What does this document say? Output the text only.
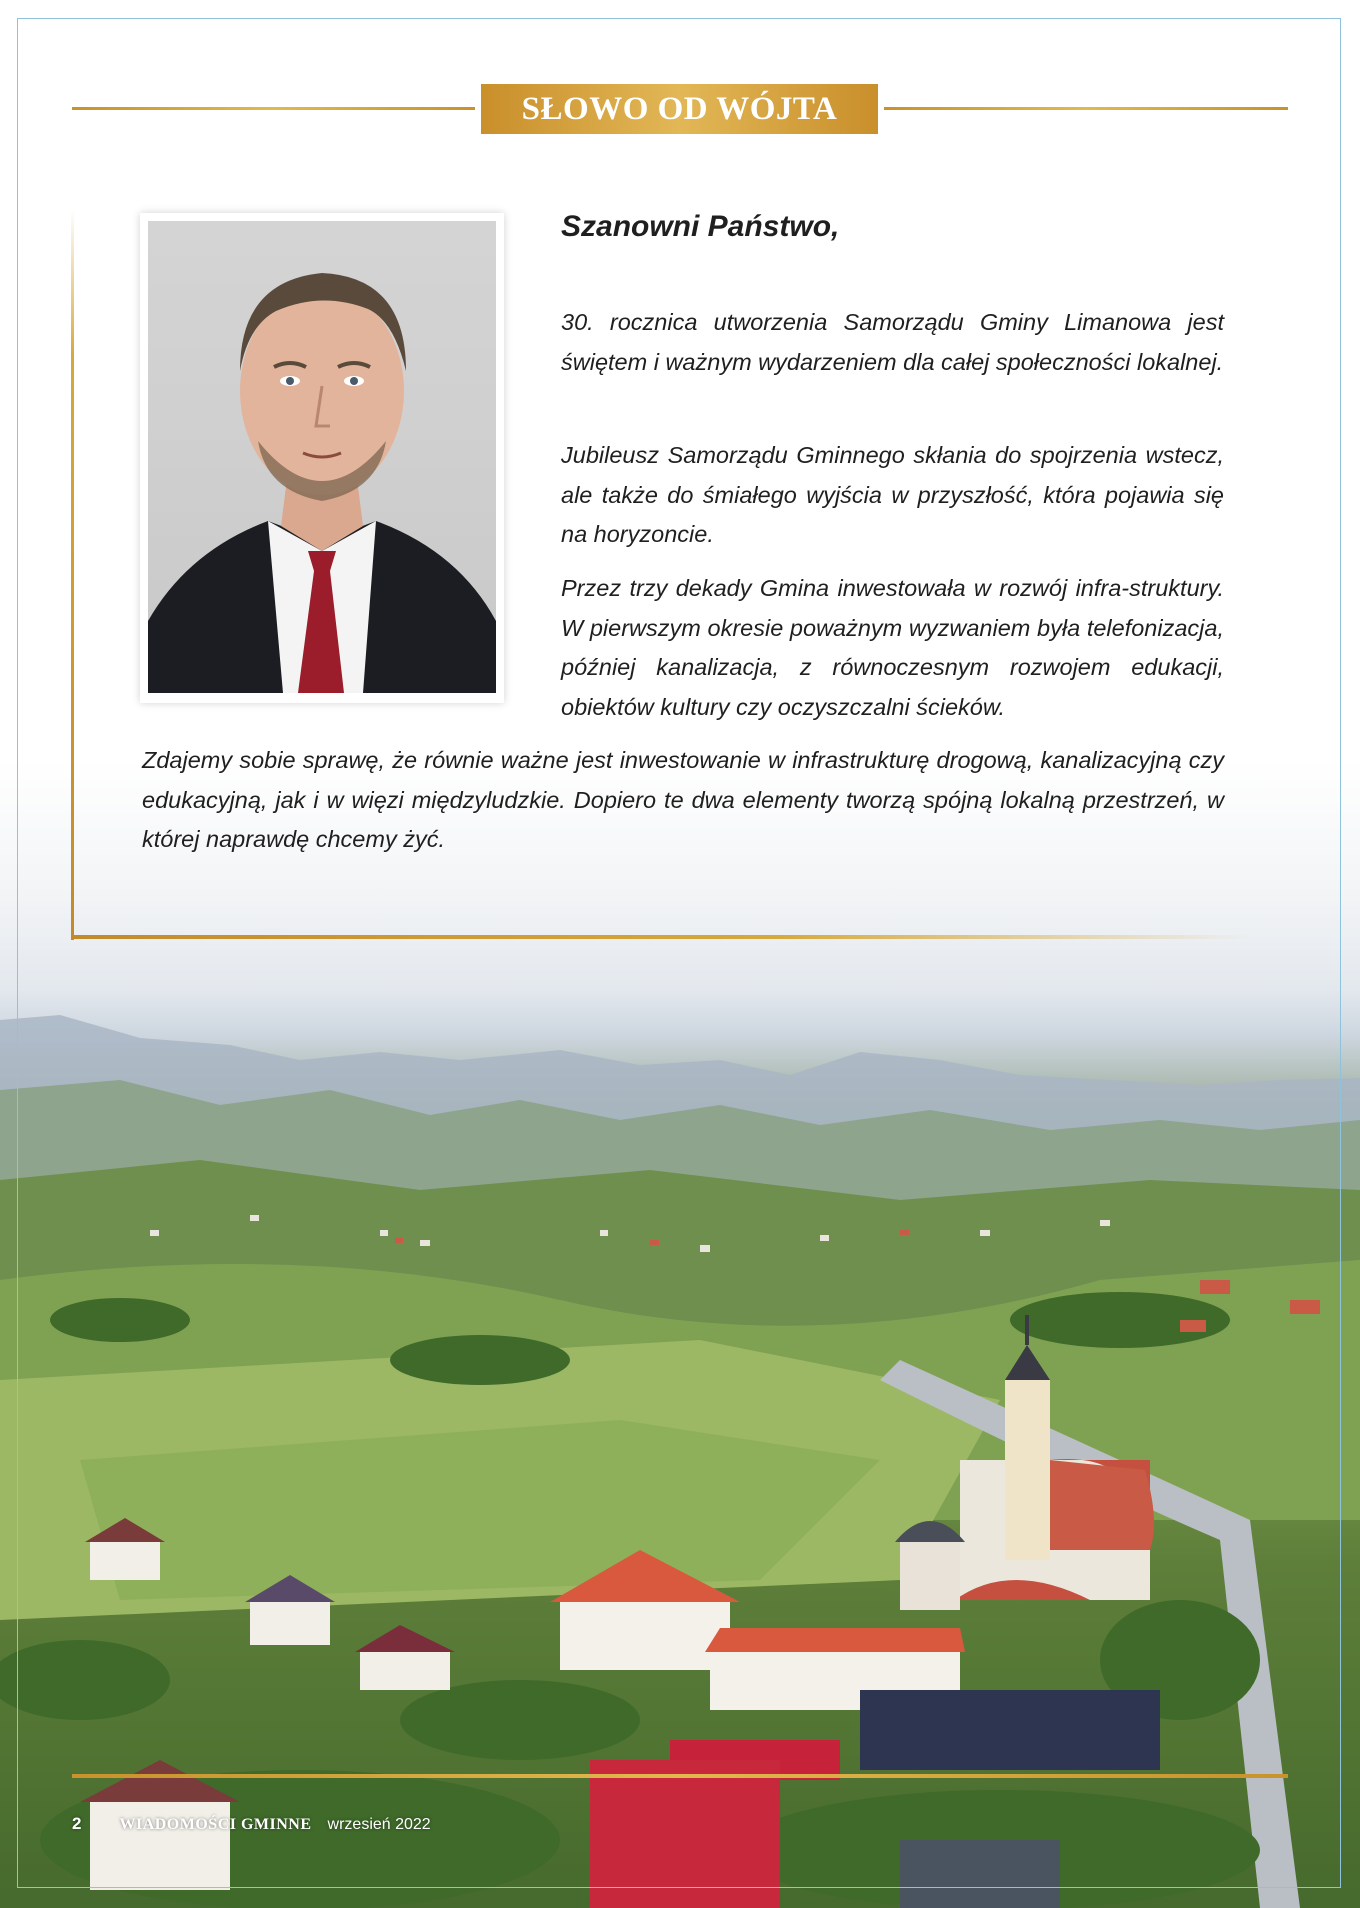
SŁOWO OD WÓJTA
Szanowni Państwo,

30. rocznica utworzenia Samorządu Gminy Limanowa jest świętem i ważnym wydarzeniem dla całej społeczności lokalnej.

Jubileusz Samorządu Gminnego skłania do spojrzenia wstecz, ale także do śmiałego wyjścia w przyszłość, która pojawia się na horyzoncie.

Przez trzy dekady Gmina inwestowała w rozwój infra-struktury. W pierwszym okresie poważnym wyzwaniem była telefonizacja, później kanalizacja, z równoczesnym rozwojem edukacji, obiektów kultury czy oczyszczalni ścieków.

Zdajemy sobie sprawę, że równie ważne jest inwestowanie w infrastrukturę drogową, kanalizacyjną czy edukacyjną, jak i w więzi międzyludzkie. Dopiero te dwa elementy tworzą spójną lokalną przestrzeń, w której naprawdę chcemy żyć.

2 WIADOMOŚCI GMINNE wrzesień 2022
